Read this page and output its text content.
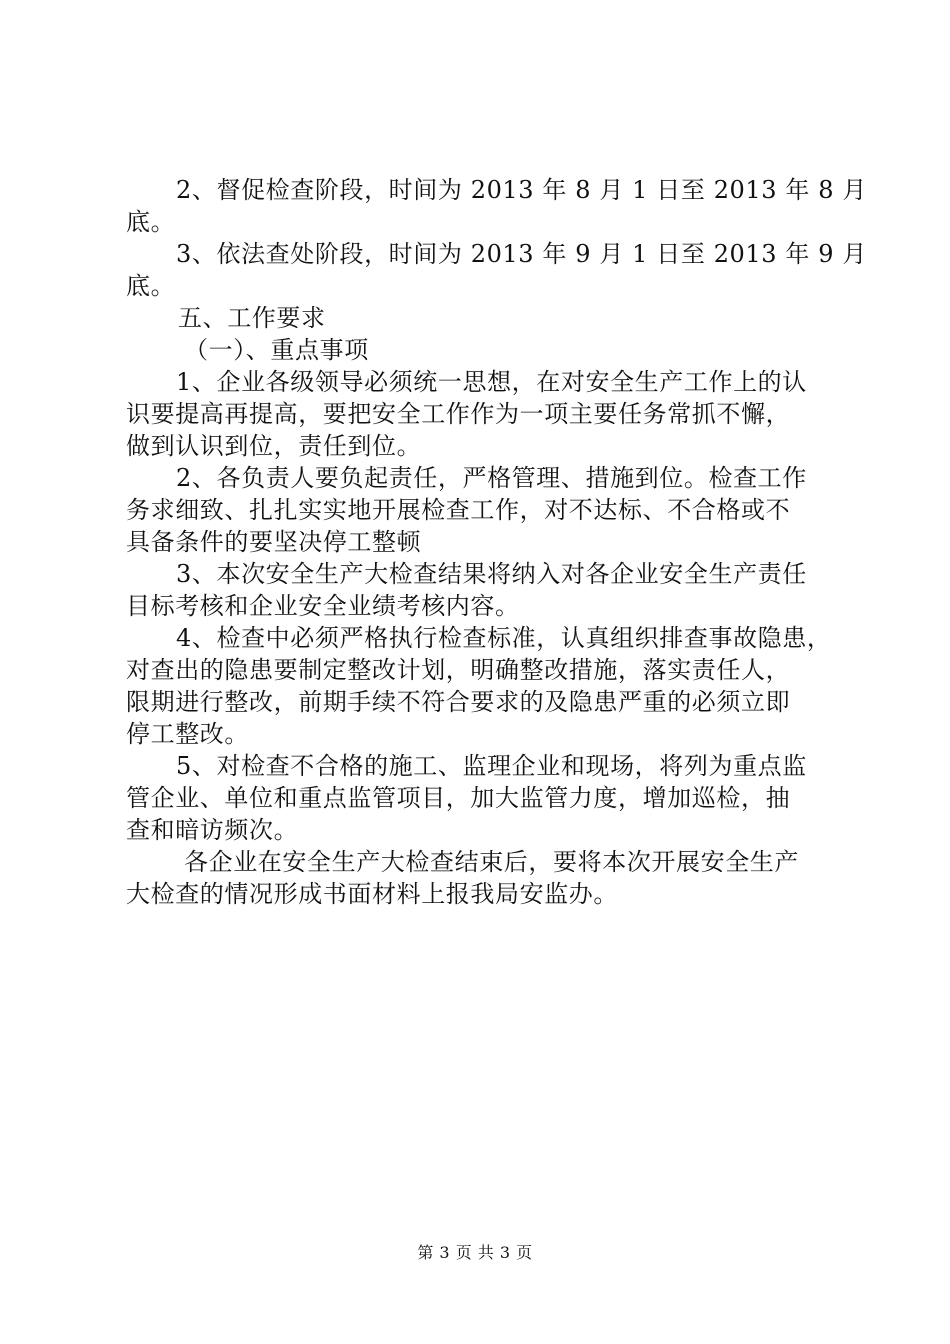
2、督促检查阶段，时间为 2013 年 8 月 1 日至 2013 年 8 月
底。
3、依法查处阶段，时间为 2013 年 9 月 1 日至 2013 年 9 月
底。
五、工作要求
（一）、重点事项
1、企业各级领导必须统一思想，在对安全生产工作上的认
识要提高再提高，要把安全工作作为一项主要任务常抓不懈，
做到认识到位，责任到位。
2、各负责人要负起责任，严格管理、措施到位。检查工作
务求细致、扎扎实实地开展检查工作，对不达标、不合格或不
具备条件的要坚决停工整顿
3、本次安全生产大检查结果将纳入对各企业安全生产责任
目标考核和企业安全业绩考核内容。
4、检查中必须严格执行检查标准，认真组织排查事故隐患，
对查出的隐患要制定整改计划，明确整改措施，落实责任人，
限期进行整改，前期手续不符合要求的及隐患严重的必须立即
停工整改。
5、对检查不合格的施工、监理企业和现场，将列为重点监
管企业、单位和重点监管项目，加大监管力度，增加巡检，抽
查和暗访频次。
各企业在安全生产大检查结束后，要将本次开展安全生产
大检查的情况形成书面材料上报我局安监办。
第 3 页 共 3 页
